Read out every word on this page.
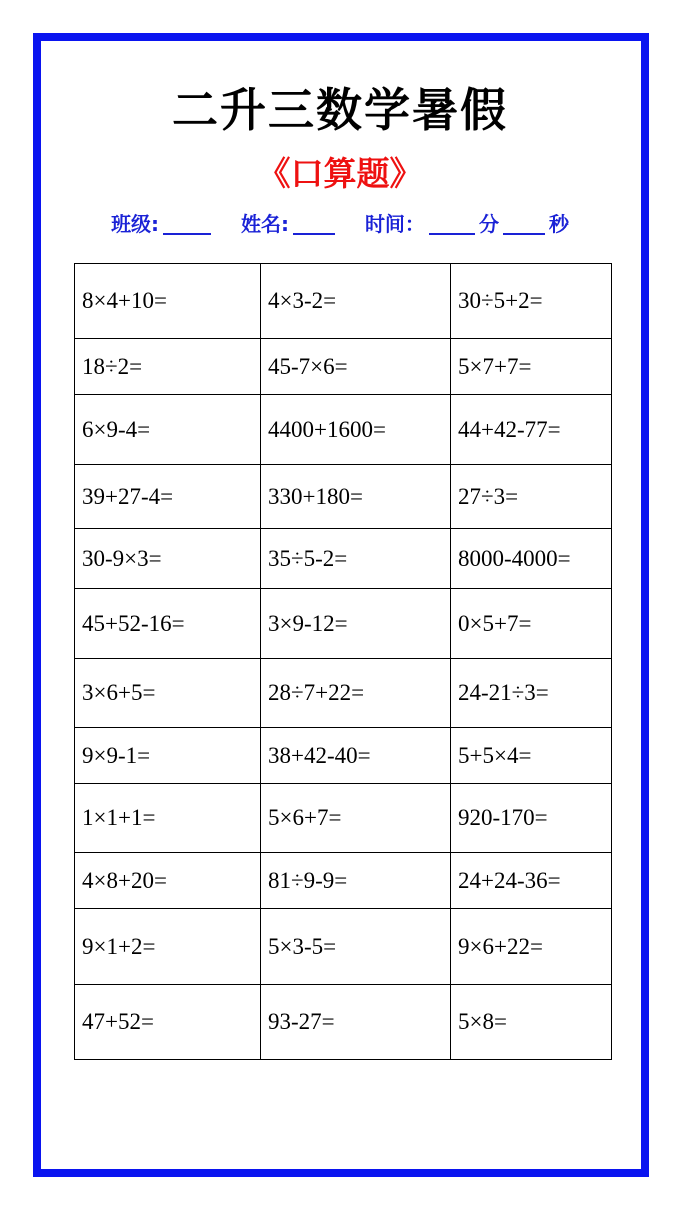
二升三数学暑假
《口算题》
班级:	姓名:	时间：	分	秒
8×4+10=	4×3-2=	30÷5+2=
18÷2=	45-7×6=	5×7+7=
6×9-4=	4400+1600=	44+42-77=
39+27-4=	330+180=	27÷3=
30-9×3=	35÷5-2=	8000-4000=
45+52-16=	3×9-12=	0×5+7=
3×6+5=	28÷7+22=	24-21÷3=
9×9-1=	38+42-40=	5+5×4=
1×1+1=	5×6+7=	920-170=
4×8+20=	81÷9-9=	24+24-36=
9×1+2=	5×3-5=	9×6+22=
47+52=	93-27=	5×8=
